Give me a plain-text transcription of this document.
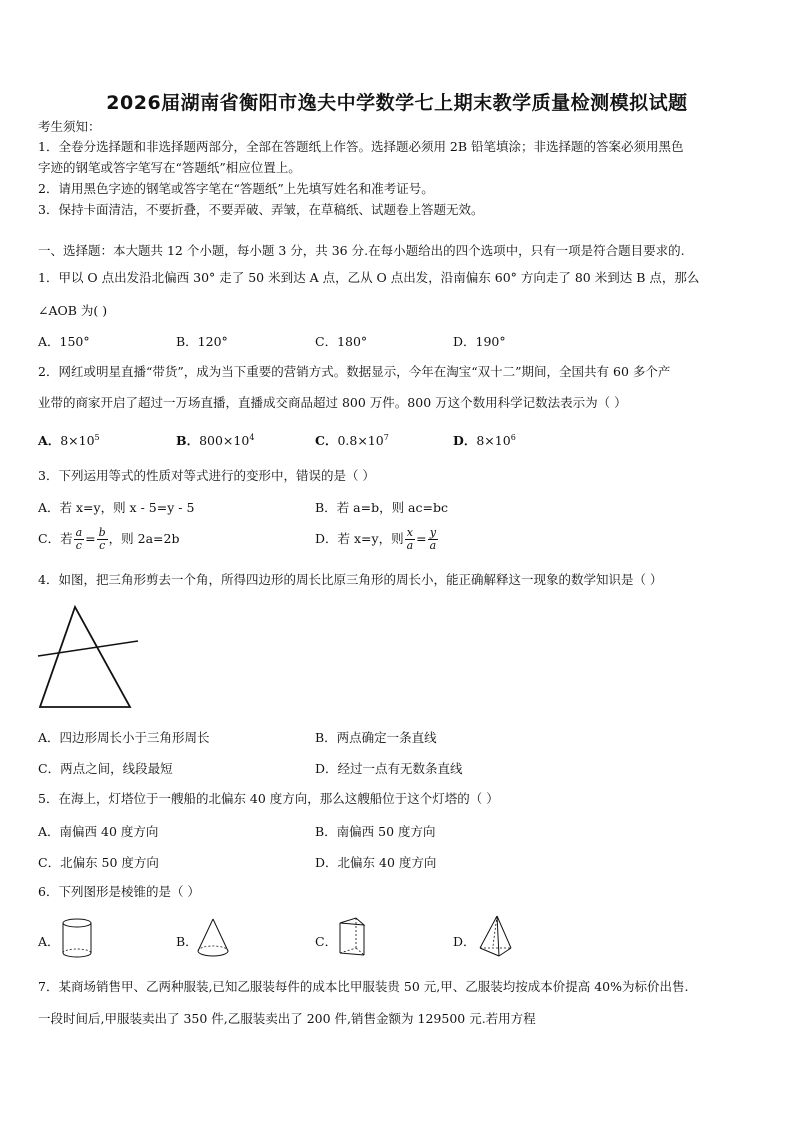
2026届湖南省衡阳市逸夫中学数学七上期末教学质量检测模拟试题
考生须知：
1．全卷分选择题和非选择题两部分，全部在答题纸上作答。选择题必须用 2B 铅笔填涂；非选择题的答案必须用黑色
字迹的钢笔或答字笔写在“答题纸”相应位置上。
2．请用黑色字迹的钢笔或答字笔在“答题纸”上先填写姓名和准考证号。
3．保持卡面清洁，不要折叠，不要弄破、弄皱，在草稿纸、试题卷上答题无效。
一、选择题：本大题共 12 个小题，每小题 3 分，共 36 分.在每小题给出的四个选项中，只有一项是符合题目要求的.
1．甲以 O 点出发沿北偏西 30° 走了 50 米到达 A 点，乙从 O 点出发，沿南偏东 60° 方向走了 80 米到达 B 点，那么
∠AOB 为( )
A．150°	B．120°	C．180°	D．190°
2．网红或明星直播“带货”，成为当下重要的营销方式。数据显示，今年在淘宝“双十二”期间，全国共有 60 多个产
业带的商家开启了超过一万场直播，直播成交商品超过 800 万件。800 万这个数用科学记数法表示为（ ）
A．$8\times 10^5$	B．$800\times 10^4$	C．$0.8\times 10^7$	D．$8\times 10^6$
3．下列运用等式的性质对等式进行的变形中，错误的是（ ）
A．若 x=y，则 x - 5=y - 5	B．若 a=b，则 ac=bc
C．若 $\frac{a}{c} = \frac{b}{c}$ ，则 2a=2b	D．若 x=y，则 $\frac{x}{a} = \frac{y}{a}$
4．如图，把三角形剪去一个角，所得四边形的周长比原三角形的周长小，能正确解释这一现象的数学知识是（ ）
A．四边形周长小于三角形周长	B．两点确定一条直线
C．两点之间，线段最短	D．经过一点有无数条直线
5．在海上，灯塔位于一艘船的北偏东 40 度方向，那么这艘船位于这个灯塔的（ ）
A．南偏西 40 度方向	B．南偏西 50 度方向
C．北偏东 50 度方向	D．北偏东 40 度方向
6．下列图形是棱锥的是（ ）
A．	B．	C．	D．
7．某商场销售甲、乙两种服装,已知乙服装每件的成本比甲服装贵 50 元,甲、乙服装均按成本价提高 40%为标价出售.
一段时间后,甲服装卖出了 350 件,乙服装卖出了 200 件,销售金额为 129500 元.若用方程
